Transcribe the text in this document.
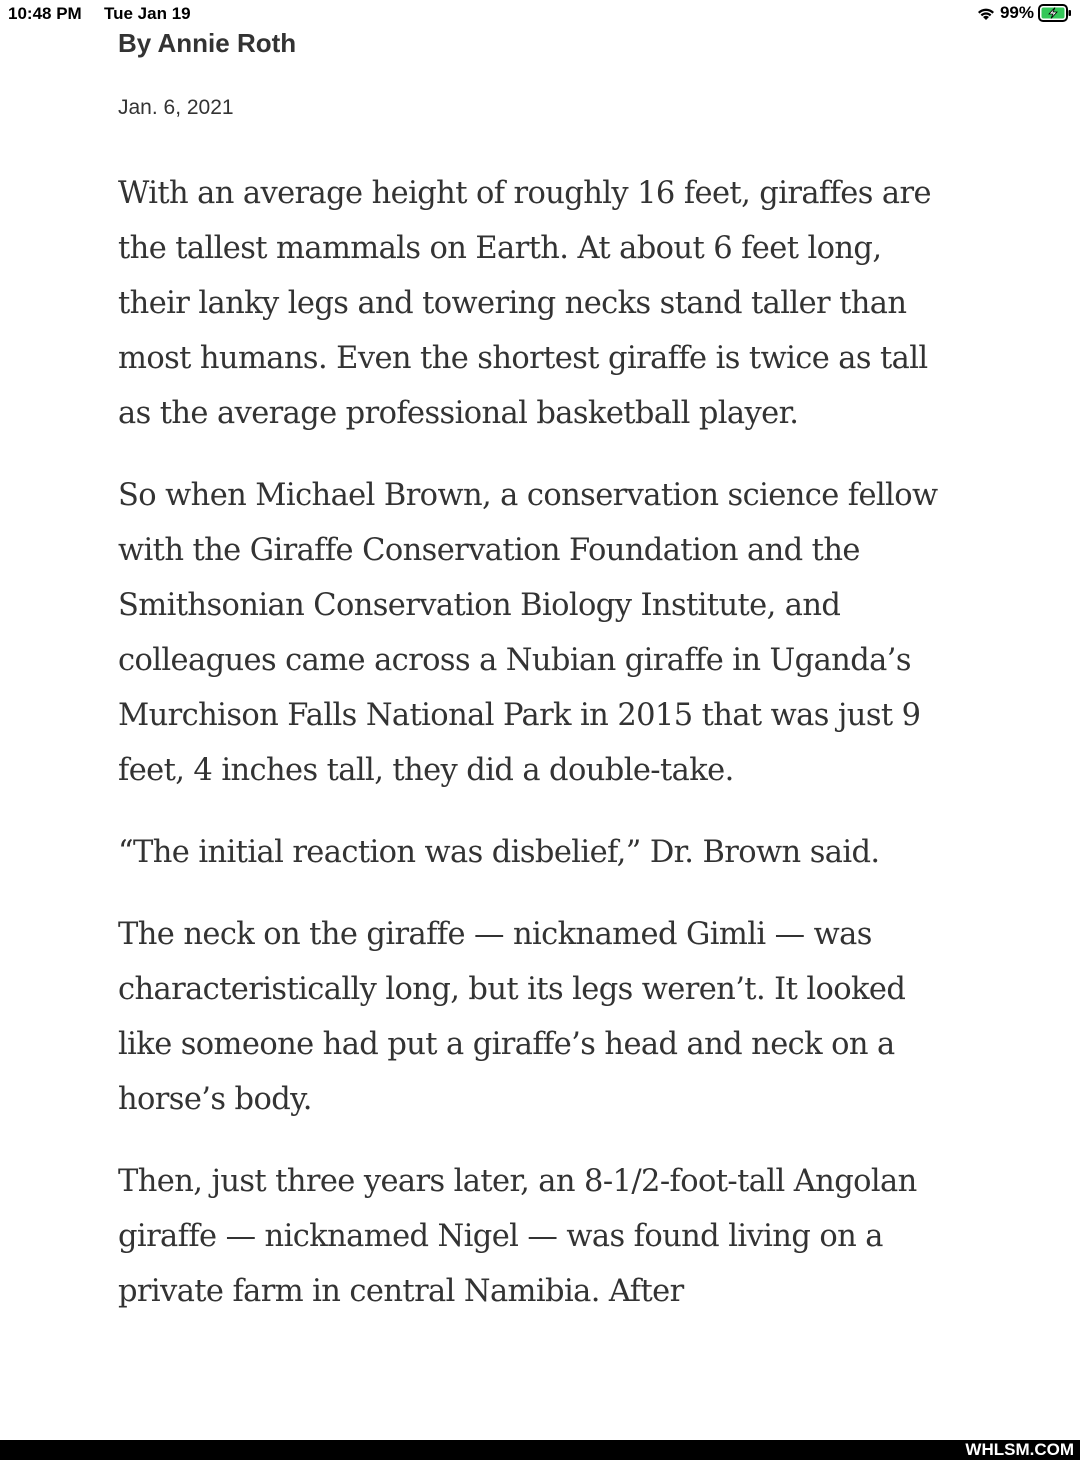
10:48 PM Tue Jan 19	99%
By Annie Roth
Jan. 6, 2021

With an average height of roughly 16 feet, giraffes are the tallest mammals on Earth. At about 6 feet long, their lanky legs and towering necks stand taller than most humans. Even the shortest giraffe is twice as tall as the average professional basketball player.

So when Michael Brown, a conservation science fellow with the Giraffe Conservation Foundation and the Smithsonian Conservation Biology Institute, and colleagues came across a Nubian giraffe in Uganda’s Murchison Falls National Park in 2015 that was just 9 feet, 4 inches tall, they did a double-take.

“The initial reaction was disbelief,” Dr. Brown said.

The neck on the giraffe — nicknamed Gimli — was characteristically long, but its legs weren’t. It looked like someone had put a giraffe’s head and neck on a horse’s body.

Then, just three years later, an 8-1/2-foot-tall Angolan giraffe — nicknamed Nigel — was found living on a private farm in central Namibia. After

WHLSM.COM
